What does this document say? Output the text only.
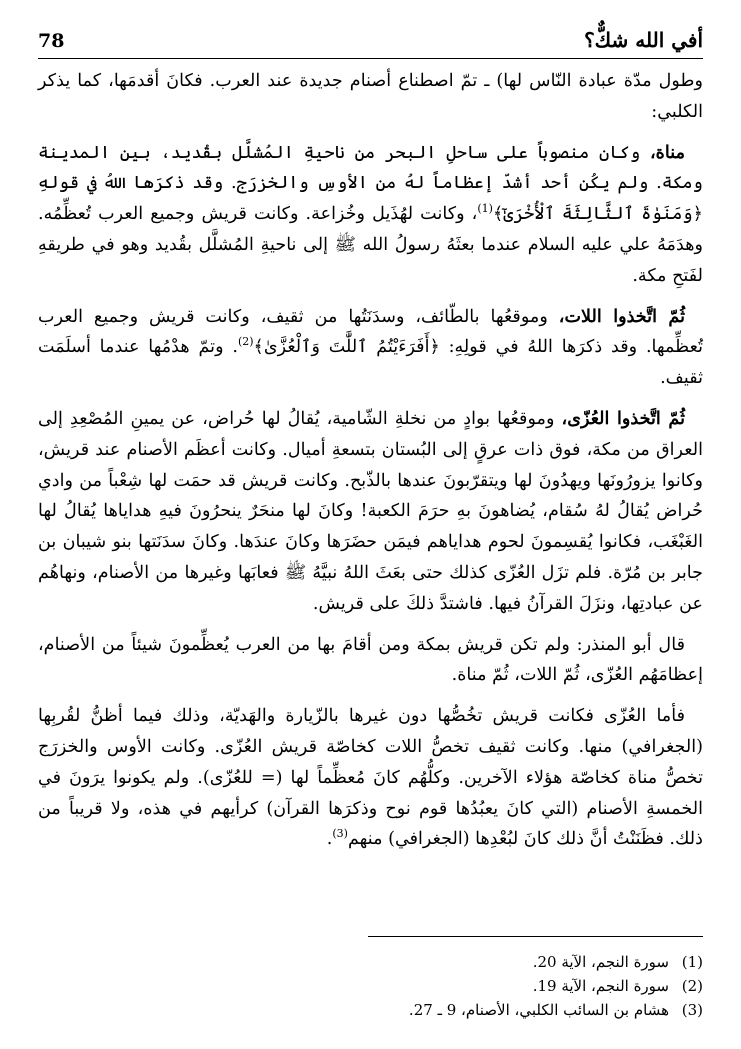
78	أفي الله شكٌّ؟

وطول مدّة عبادة النّاس لها) ـ تمّ اصطناع أصنام جديدة عند العرب. فكانَ أقدمَها، كما يذكر الكلبي:

مناة، وكان منصوباً على ساحلِ البحر من ناحيةِ المُشلَّل بقُديد، بين المدينة ومكة. ولم يكُن أحد أشدّ إعظاماً لهُ من الأوسِ والخزرَج. وقد ذكرَها اللهُ في قولهِ ﴿وَمَنَوٰةَ ٱلثَّالِثَةَ ٱلْأُخْرَىٰٓ﴾$^{(1)}$، وكانت لهُذَيل وخُزاعة. وكانت قريش وجميع العرب تُعظِّمُه. وهدَمَهُ علي عليه السلام عندما بعثَهُ رسولُ الله ﷺ إلى ناحيةِ المُشلَّل بقُديد وهو في طريقهِ لفَتحِ مكة.

ثُمّ اتَّخذوا اللات، وموقعُها بالطّائف، وسدَنَتُها من ثقيف، وكانت قريش وجميع العرب تُعظِّمها. وقد ذكرَها اللهُ في قولِهِ: ﴿أَفَرَءَيْتُمُ ٱللَّٰتَ وَٱلْعُزَّىٰ﴾$^{(2)}$. وتمّ هدْمُها عندما أسلَمَت ثقيف.

ثُمّ اتَّخذوا العُزّى، وموقعُها بوادٍ من نخلةِ الشّامية، يُقالُ لها حُراض، عن يمينِ المُصْعِدِ إلى العراق من مكة، فوق ذات عرقٍ إلى البُستان بتسعةِ أميال. وكانت أعظَم الأصنام عند قريش، وكانوا يزورُونَها ويهدُونَ لها ويتقرّبونَ عندها بالذّبح. وكانت قريش قد حمَت لها شِعْباً من وادي حُراض يُقالُ لهُ سُقام، يُضاهونَ بهِ حرَمَ الكعبة! وكانَ لها منحَرٌ ينحرُونَ فيهِ هداياها يُقالُ لها الغَبْغَب، فكانوا يُقسِمونَ لحوم هداياهم فيمَن حضَرَها وكانَ عندَها. وكانَ سدَنَتها بنو شيبان بن جابر بن مُرّة. فلم تزَل العُزّى كذلك حتى بعَثَ اللهُ نبيَّهُ ﷺ فعابَها وغيرها من الأصنام، ونهاهُم عن عبادتِها، ونزَلَ القرآنُ فيها. فاشتدَّ ذلكَ على قريش.

قال أبو المنذر: ولم تكن قريش بمكة ومن أقامَ بها من العرب يُعظِّمونَ شيئاً من الأصنام، إعظامَهُم العُزّى، ثُمّ اللات، ثُمّ مناة.

فأما العُزّى فكانت قريش تخُصُّها دون غيرها بالزّيارة والهَديّة، وذلك فيما أظنُّ لقُربِها (الجغرافي) منها. وكانت ثقيف تخصُّ اللات كخاصّة قريش العُزّى. وكانت الأوس والخزرَج تخصُّ مناة كخاصّة هؤلاء الآخرين. وكلُّهُم كانَ مُعظِّماً لها (= للعُزّى). ولم يكونوا يرَونَ في الخمسةِ الأصنام (التي كانَ يعبُدُها قوم نوح وذكرَها القرآن) كرأيهم في هذه، ولا قريباً من ذلك. فظَنَنْتُ أنَّ ذلك كانَ لبُعْدِها (الجغرافي) منهم$^{(3)}$.

(1)سورة النجم، الآية 20.
(2)سورة النجم، الآية 19.
(3)هشام بن السائب الكلبي، الأصنام، 9 ـ 27.
